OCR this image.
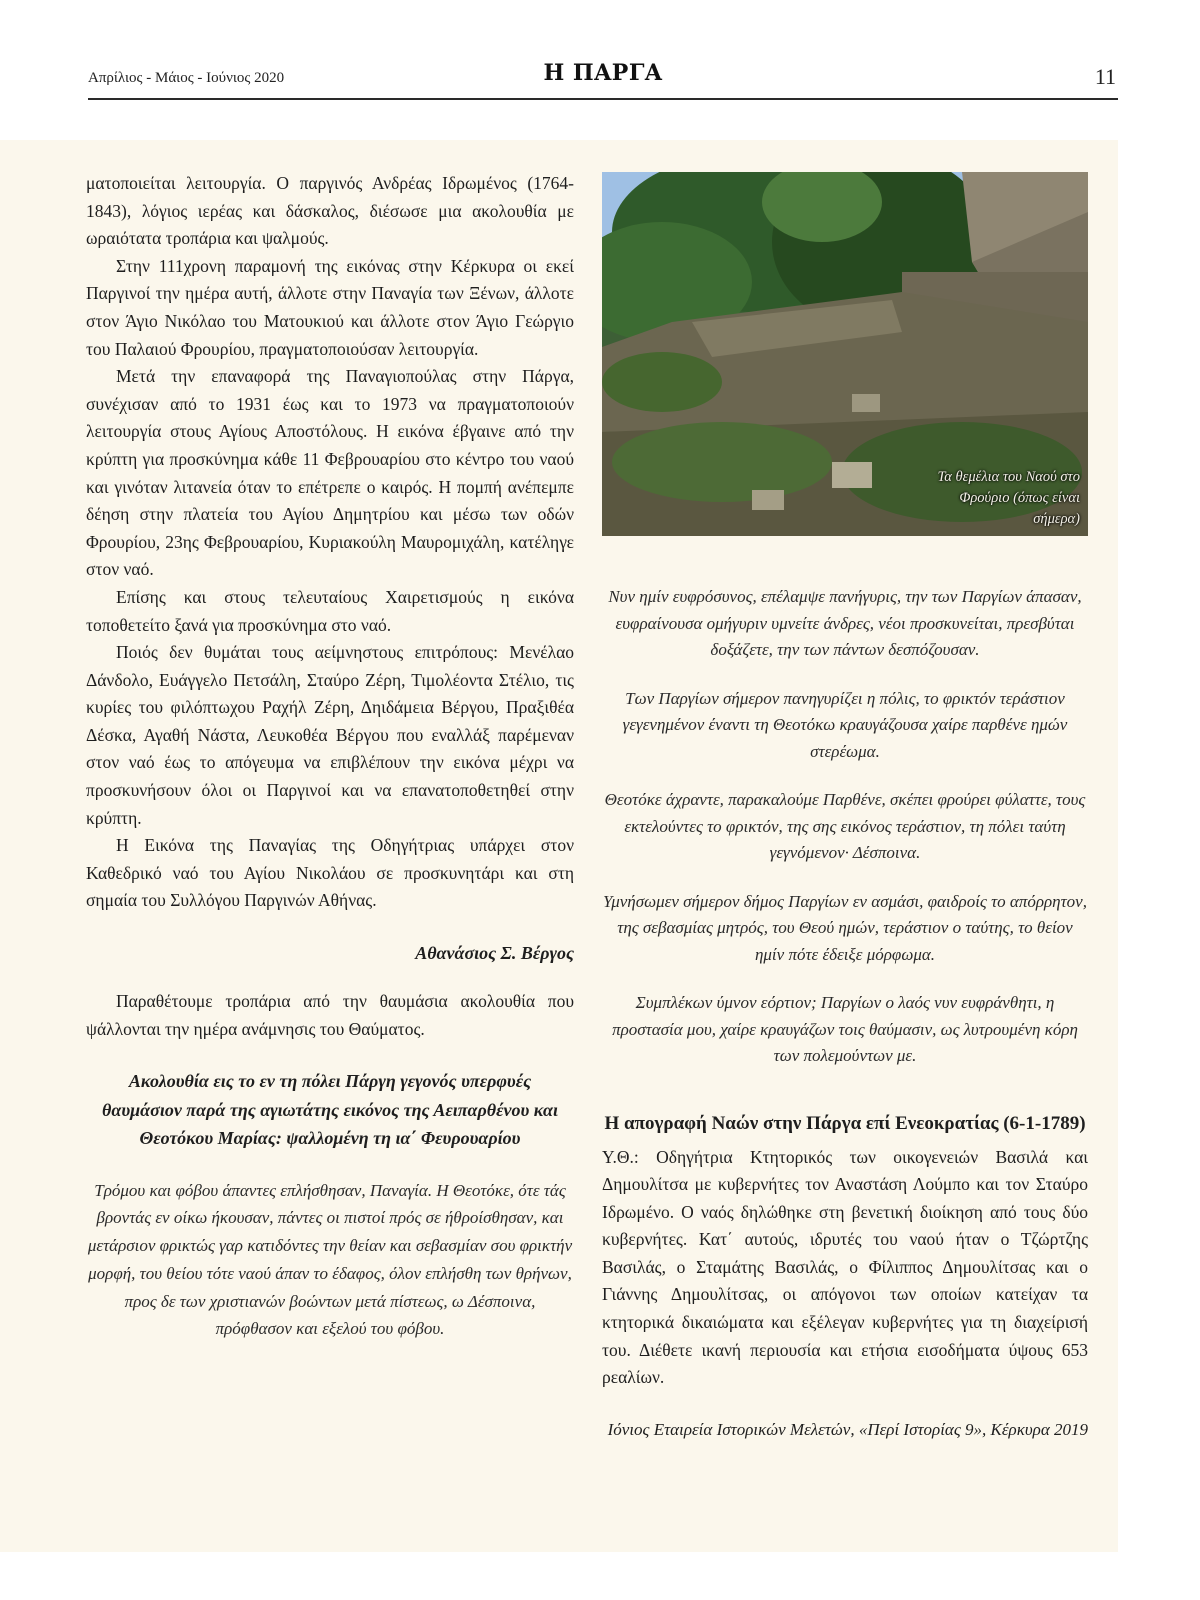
Απρίλιος - Μάιος - Ιούνιος 2020	Η ΠΑΡΓΑ	11

ματοποιείται λειτουργία. Ο παργινός Ανδρέας Ιδρωμένος (1764-1843), λόγιος ιερέας και δάσκαλος, διέσωσε μια ακολουθία με ωραιότατα τροπάρια και ψαλμούς.

Στην 111χρονη παραμονή της εικόνας στην Κέρκυρα οι εκεί Παργινοί την ημέρα αυτή, άλλοτε στην Παναγία των Ξένων, άλλοτε στον Άγιο Νικόλαο του Ματουκιού και άλλοτε στον Άγιο Γεώργιο του Παλαιού Φρουρίου, πραγματοποιούσαν λειτουργία.

Μετά την επαναφορά της Παναγιοπούλας στην Πάργα, συνέχισαν από το 1931 έως και το 1973 να πραγματοποιούν λειτουργία στους Αγίους Αποστόλους. Η εικόνα έβγαινε από την κρύπτη για προσκύνημα κάθε 11 Φεβρουαρίου στο κέντρο του ναού και γινόταν λιτανεία όταν το επέτρεπε ο καιρός. Η πομπή ανέπεμπε δέηση στην πλατεία του Αγίου Δημητρίου και μέσω των οδών Φρουρίου, 23ης Φεβρουαρίου, Κυριακούλη Μαυρομιχάλη, κατέληγε στον ναό.

Επίσης και στους τελευταίους Χαιρετισμούς η εικόνα τοποθετείτο ξανά για προσκύνημα στο ναό.

Ποιός δεν θυμάται τους αείμνηστους επιτρόπους: Μενέλαο Δάνδολο, Ευάγγελο Πετσάλη, Σταύρο Ζέρη, Τιμολέοντα Στέλιο, τις κυρίες του φιλόπτωχου Ραχήλ Ζέρη, Δηιδάμεια Βέργου, Πραξιθέα Δέσκα, Αγαθή Νάστα, Λευκοθέα Βέργου που εναλλάξ παρέμεναν στον ναό έως το απόγευμα να επιβλέπουν την εικόνα μέχρι να προσκυνήσουν όλοι οι Παργινοί και να επανατοποθετηθεί στην κρύπτη.

Η Εικόνα της Παναγίας της Οδηγήτριας υπάρχει στον Καθεδρικό ναό του Αγίου Νικολάου σε προσκυνητάρι και στη σημαία του Συλλόγου Παργινών Αθήνας.

Αθανάσιος Σ. Βέργος

Παραθέτουμε τροπάρια από την θαυμάσια ακολουθία που ψάλλονται την ημέρα ανάμνησις του Θαύματος.

Ακολουθία εις το εν τη πόλει Πάργη γεγονός υπερφυές θαυμάσιον παρά της αγιωτάτης εικόνος της Αειπαρθένου και Θεοτόκου Μαρίας: ψαλλομένη τη ια΄ Φευρουαρίου

Τρόμου και φόβου άπαντες επλήσθησαν, Παναγία. Η Θεοτόκε, ότε τάς βροντάς εν οίκω ήκουσαν, πάντες οι πιστοί πρός σε ήθροίσθησαν, και μετάρσιον φρικτώς γαρ κατιδόντες την θείαν και σεβασμίαν σου φρικτήν μορφή, του θείου τότε ναού άπαν το έδαφος, όλον επλήσθη των θρήνων, προς δε των χριστιανών βοώντων μετά πίστεως, ω Δέσποινα, πρόφθασον και εξελού του φόβου.

Τα θεμέλια του Ναού στο Φρούριο (όπως είναι σήμερα)

Νυν ημίν ευφρόσυνος, επέλαμψε πανήγυρις, την των Παργίων άπασαν, ευφραίνουσα ομήγυριν υμνείτε άνδρες, νέοι προσκυνείται, πρεσβύται δοξάζετε, την των πάντων δεσπόζουσαν.

Των Παργίων σήμερον πανηγυρίζει η πόλις, το φρικτόν τεράστιον γεγενημένον έναντι τη Θεοτόκω κραυγάζουσα χαίρε παρθένε ημών στερέωμα.

Θεοτόκε άχραντε, παρακαλούμε Παρθένε, σκέπει φρούρει φύλαττε, τους εκτελούντες το φρικτόν, της σης εικόνος τεράστιον, τη πόλει ταύτη γεγνόμενον· Δέσποινα.

Υμνήσωμεν σήμερον δήμος Παργίων εν ασμάσι, φαιδροίς το απόρρητον, της σεβασμίας μητρός, του Θεού ημών, τεράστιον ο ταύτης, το θείον ημίν πότε έδειξε μόρφωμα.

Συμπλέκων ύμνον εόρτιον; Παργίων ο λαός νυν ευφράνθητι, η προστασία μου, χαίρε κραυγάζων τοις θαύμασιν, ως λυτρουμένη κόρη των πολεμούντων με.

Η απογραφή Ναών στην Πάργα επί Ενεοκρατίας (6-1-1789)

Υ.Θ.: Οδηγήτρια Κτητορικός των οικογενειών Βασιλά και Δημουλίτσα με κυβερνήτες τον Αναστάση Λούμπο και τον Σταύρο Ιδρωμένο. Ο ναός δηλώθηκε στη βενετική διοίκηση από τους δύο κυβερνήτες. Κατ΄ αυτούς, ιδρυτές του ναού ήταν ο Τζώρτζης Βασιλάς, ο Σταμάτης Βασιλάς, ο Φίλιππος Δημουλίτσας και ο Γιάννης Δημουλίτσας, οι απόγονοι των οποίων κατείχαν τα κτητορικά δικαιώματα και εξέλεγαν κυβερνήτες για τη διαχείρισή του. Διέθετε ικανή περιουσία και ετήσια εισοδήματα ύψους 653 ρεαλίων.

Ιόνιος Εταιρεία Ιστορικών Μελετών, «Περί Ιστορίας 9», Κέρκυρα 2019
